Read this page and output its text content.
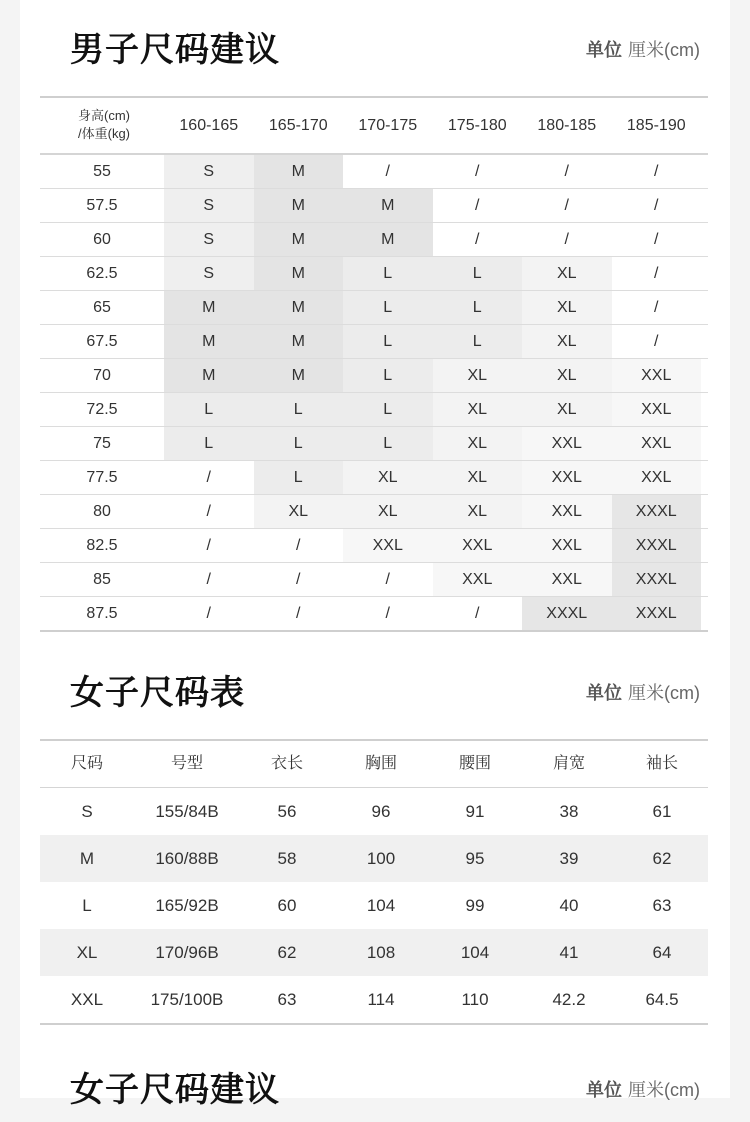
男子尺码建议	单位 厘米(cm)
身高(cm)
/体重(kg)	160-165	165-170	170-175	175-180	180-185	185-190
55	S	M	/	/	/	/
57.5	S	M	M	/	/	/
60	S	M	M	/	/	/
62.5	S	M	L	L	XL	/
65	M	M	L	L	XL	/
67.5	M	M	L	L	XL	/
70	M	M	L	XL	XL	XXL
72.5	L	L	L	XL	XL	XXL
75	L	L	L	XL	XXL	XXL
77.5	/	L	XL	XL	XXL	XXL
80	/	XL	XL	XL	XXL	XXXL
82.5	/	/	XXL	XXL	XXL	XXXL
85	/	/	/	XXL	XXL	XXXL
87.5	/	/	/	/	XXXL	XXXL
女子尺码表	单位 厘米(cm)
尺码	号型	衣长	胸围	腰围	肩宽	袖长
S	155/84B	56	96	91	38	61
M	160/88B	58	100	95	39	62
L	165/92B	60	104	99	40	63
XL	170/96B	62	108	104	41	64
XXL	175/100B	63	114	110	42.2	64.5
女子尺码建议	单位 厘米(cm)
